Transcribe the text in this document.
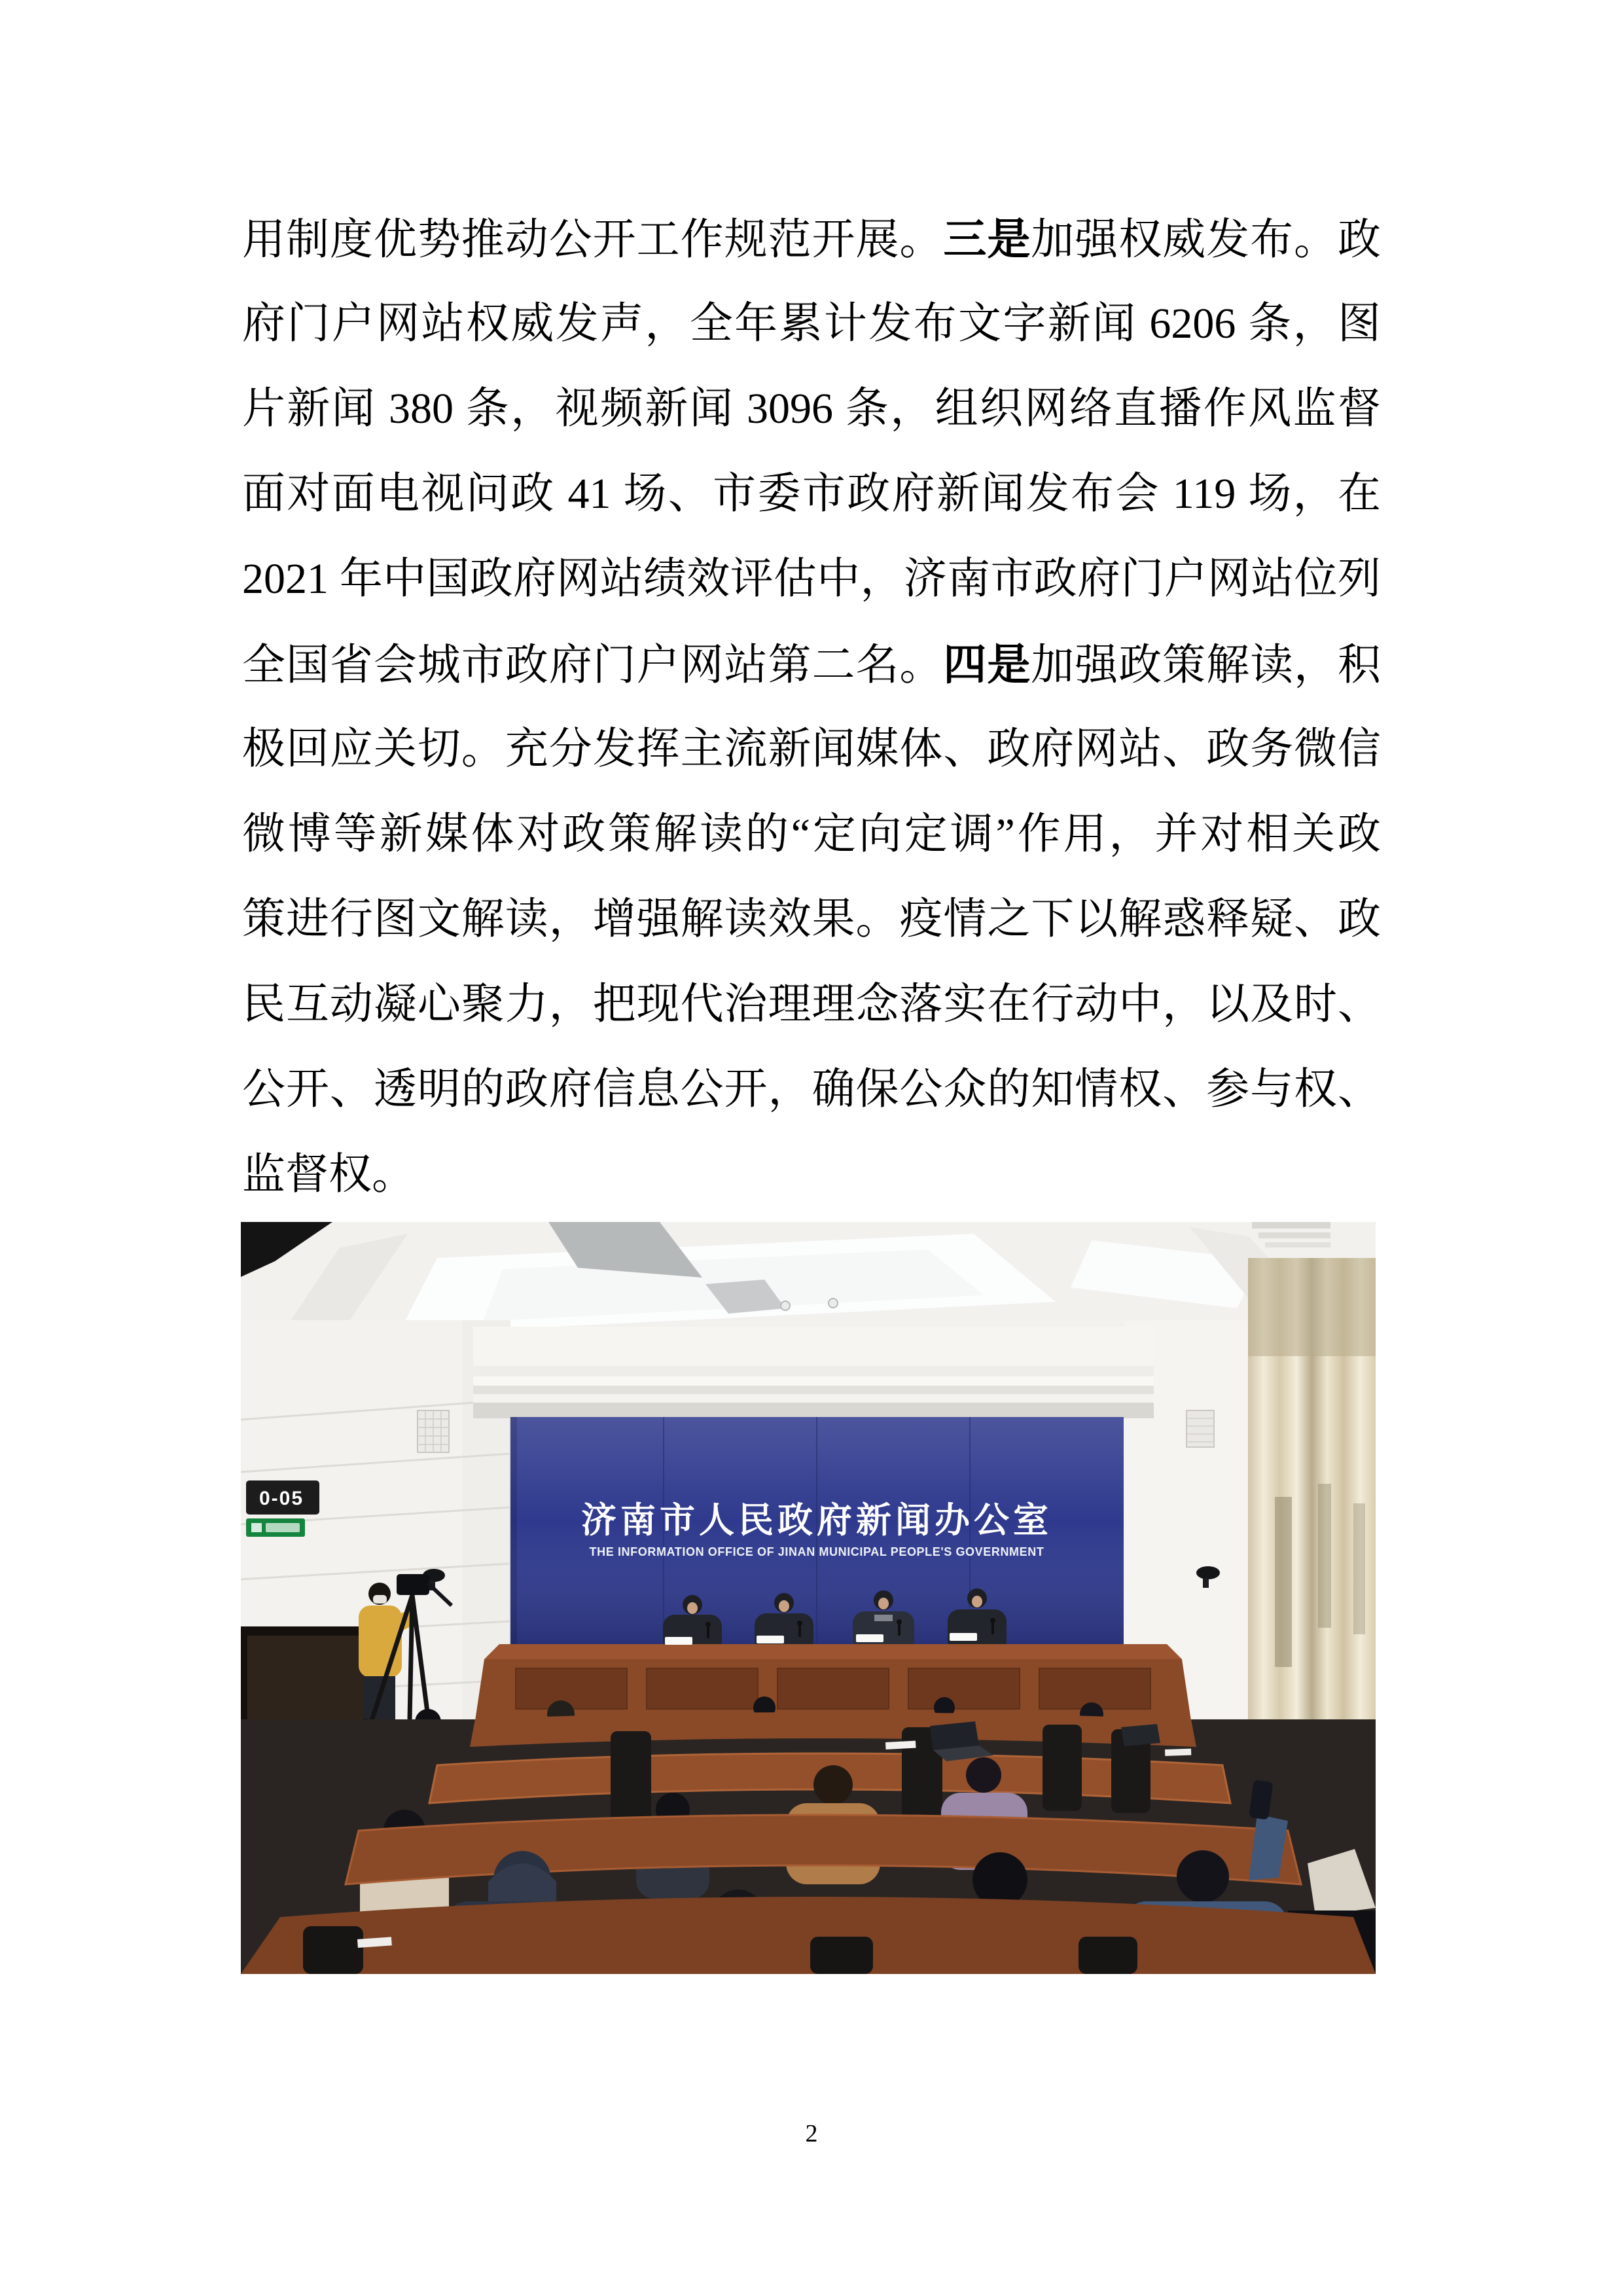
用制度优势推动公开工作规范开展。三是加强权威发布。政
府门户网站权威发声，全年累计发布文字新闻 6206 条，图
片新闻 380 条，视频新闻 3096 条，组织网络直播作风监督
面对面电视问政 41 场、市委市政府新闻发布会 119 场，在
2021 年中国政府网站绩效评估中，济南市政府门户网站位列
全国省会城市政府门户网站第二名。四是加强政策解读，积
极回应关切。充分发挥主流新闻媒体、政府网站、政务微信
微博等新媒体对政策解读的“定向定调”作用，并对相关政
策进行图文解读，增强解读效果。疫情之下以解惑释疑、政
民互动凝心聚力，把现代治理理念落实在行动中，以及时、
公开、透明的政府信息公开，确保公众的知情权、参与权、
监督权。
0-05
济南市人民政府新闻办公室
THE INFORMATION OFFICE OF JINAN MUNICIPAL PEOPLE'S GOVERNMENT
2
